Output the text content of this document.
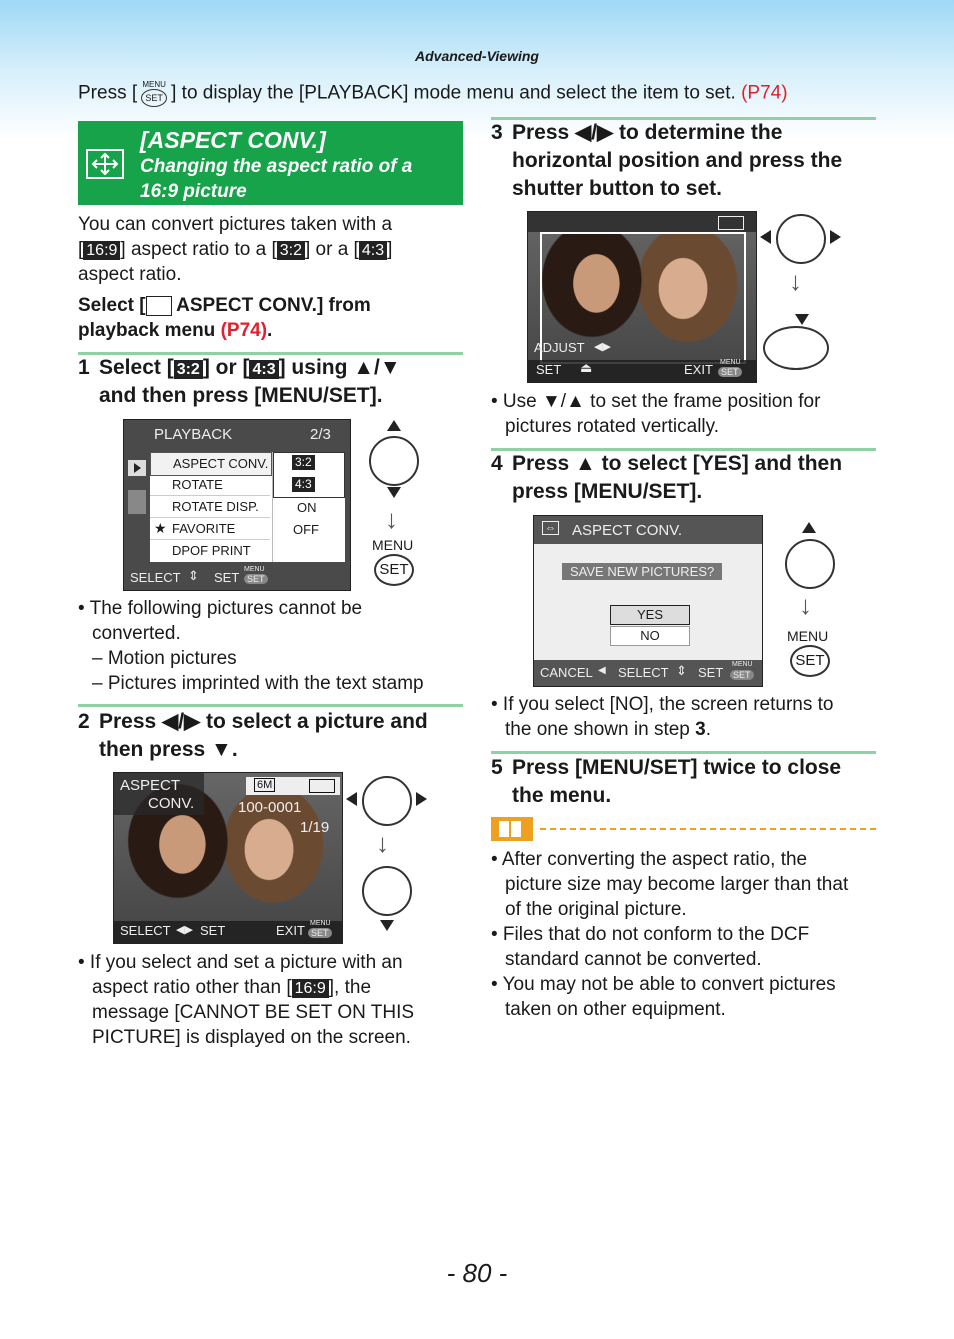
Advanced-Viewing
Press [ MENU
SET ] to display the [PLAYBACK] mode menu and select the item to set. (P74)
[ASPECT CONV.]
Changing the aspect ratio of a 16:9 picture
You can convert pictures taken with a
[ 16:9 ] aspect ratio to a [ 3:2 ] or a [ 4:3 ]
aspect ratio.
Select [ ASPECT CONV.] from
playback menu (P74).
1 Select [ 3:2 ] or [ 4:3 ] using ▲/▼
and then press [MENU/SET].
PLAYBACK	2/3
ASPECT CONV.
ROTATE
ROTATE DISP.
★ FAVORITE
DPOF PRINT
3:2
4:3
ON
OFF
SELECT ⇕ SET
MENU
SET
↓
MENU
SET
• The following pictures cannot be
converted.
– Motion pictures
– Pictures imprinted with the text stamp
2 Press ◀/▶ to select a picture and
then press ▼.
ASPECT
CONV.
6M
100-0001
1/19
SELECT ◀▶ SET	EXIT MENU
SET
↓
• If you select and set a picture with an
aspect ratio other than [ 16:9 ], the
message [CANNOT BE SET ON THIS
PICTURE] is displayed on the screen.
3 Press ◀/▶ to determine the
horizontal position and press the
shutter button to set.
ADJUST ◀▶
SET ⏏	EXIT MENU
SET
↓
• Use ▼/▲ to set the frame position for
pictures rotated vertically.
4 Press ▲ to select [YES] and then
press [MENU/SET].
⇔ ASPECT CONV.
SAVE NEW PICTURES?
YES
NO
CANCEL ◀ SELECT ⇕ SET
MENU
SET
↓
MENU
SET
• If you select [NO], the screen returns to
the one shown in step 3.
5 Press [MENU/SET] twice to close
the menu.
• After converting the aspect ratio, the
picture size may become larger than that
of the original picture.
• Files that do not conform to the DCF
standard cannot be converted.
• You may not be able to convert pictures
taken on other equipment.
- 80 -
